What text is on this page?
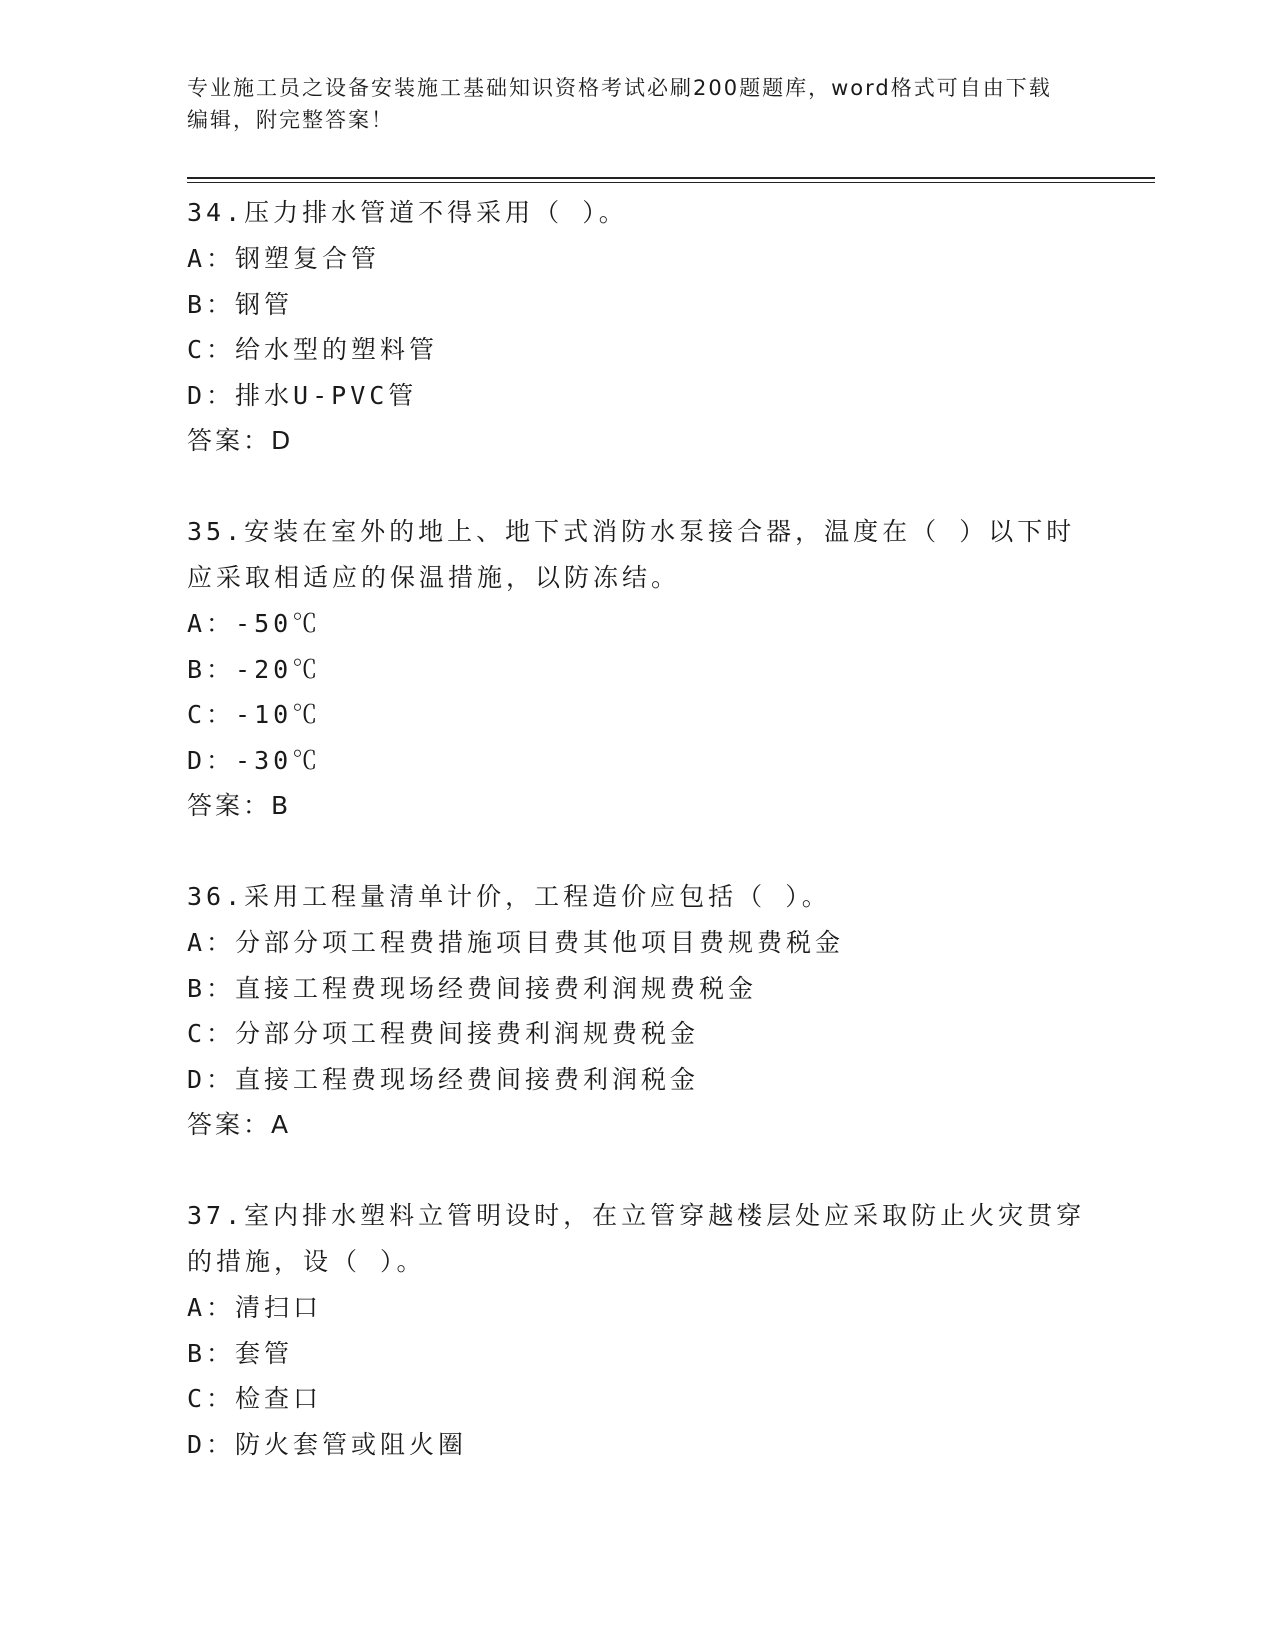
专业施工员之设备安装施工基础知识资格考试必刷200题题库，word格式可自由下载编辑，附完整答案！
34.压力排水管道不得采用（ ）。
A：钢塑复合管
B：钢管
C：给水型的塑料管
D：排水U-PVC管
答案：D
35.安装在室外的地上、地下式消防水泵接合器，温度在（ ）以下时应采取相适应的保温措施，以防冻结。
A：-50℃
B：-20℃
C：-10℃
D：-30℃
答案：B
36.采用工程量清单计价，工程造价应包括（ ）。
A：分部分项工程费措施项目费其他项目费规费税金
B：直接工程费现场经费间接费利润规费税金
C：分部分项工程费间接费利润规费税金
D：直接工程费现场经费间接费利润税金
答案：A
37.室内排水塑料立管明设时，在立管穿越楼层处应采取防止火灾贯穿的措施，设（ ）。
A：清扫口
B：套管
C：检查口
D：防火套管或阻火圈
